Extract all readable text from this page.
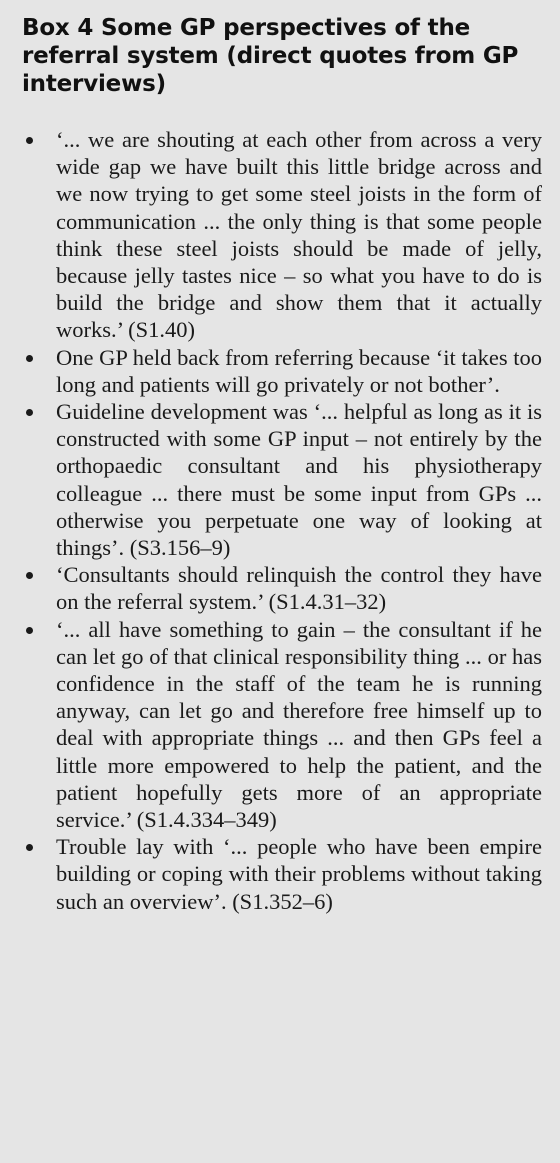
Box 4 Some GP perspectives of the referral system (direct quotes from GP interviews)
‘... we are shouting at each other from across a very wide gap we have built this little bridge across and we now trying to get some steel joists in the form of communication ... the only thing is that some people think these steel joists should be made of jelly, because jelly tastes nice – so what you have to do is build the bridge and show them that it actually works.’ (S1.40)
One GP held back from referring because ‘it takes too long and patients will go privately or not bother’.
Guideline development was ‘... helpful as long as it is constructed with some GP input – not entirely by the orthopaedic consultant and his physiotherapy colleague ... there must be some input from GPs ... otherwise you perpetuate one way of looking at things’. (S3.156–9)
‘Consultants should relinquish the control they have on the referral system.’ (S1.4.31–32)
‘... all have something to gain – the consultant if he can let go of that clinical responsibility thing ... or has confidence in the staff of the team he is running anyway, can let go and therefore free himself up to deal with appropriate things ... and then GPs feel a little more empowered to help the patient, and the patient hopefully gets more of an appropriate service.’ (S1.4.334–349)
Trouble lay with ‘... people who have been empire building or coping with their problems without taking such an overview’. (S1.352–6)
